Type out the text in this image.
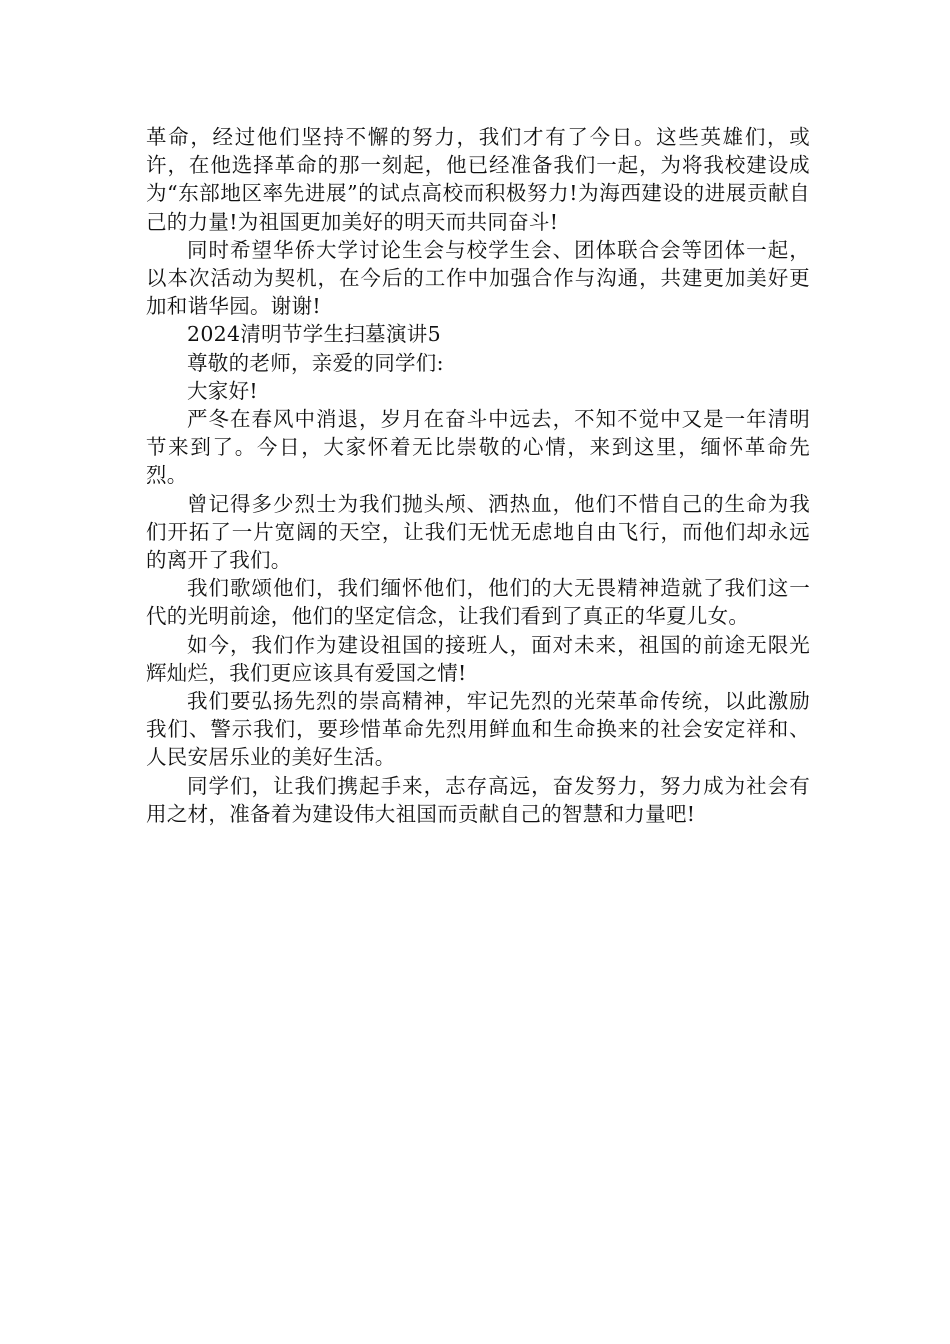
革命，经过他们坚持不懈的努力，我们才有了今日。这些英雄们，或许，在他选择革命的那一刻起，他已经准备我们一起，为将我校建设成为“东部地区率先进展”的试点高校而积极努力!为海西建设的进展贡献自己的力量!为祖国更加美好的明天而共同奋斗!

同时希望华侨大学讨论生会与校学生会、团体联合会等团体一起，以本次活动为契机，在今后的工作中加强合作与沟通，共建更加美好更加和谐华园。谢谢!

2024清明节学生扫墓演讲5

尊敬的老师，亲爱的同学们:

大家好!

严冬在春风中消退，岁月在奋斗中远去，不知不觉中又是一年清明节来到了。今日，大家怀着无比崇敬的心情，来到这里，缅怀革命先烈。

曾记得多少烈士为我们抛头颅、洒热血，他们不惜自己的生命为我们开拓了一片宽阔的天空，让我们无忧无虑地自由飞行，而他们却永远的离开了我们。

我们歌颂他们，我们缅怀他们，他们的大无畏精神造就了我们这一代的光明前途，他们的坚定信念，让我们看到了真正的华夏儿女。

如今，我们作为建设祖国的接班人，面对未来，祖国的前途无限光辉灿烂，我们更应该具有爱国之情!

我们要弘扬先烈的崇高精神，牢记先烈的光荣革命传统，以此激励我们、警示我们，要珍惜革命先烈用鲜血和生命换来的社会安定祥和、人民安居乐业的美好生活。

同学们，让我们携起手来，志存高远，奋发努力，努力成为社会有用之材，准备着为建设伟大祖国而贡献自己的智慧和力量吧!
